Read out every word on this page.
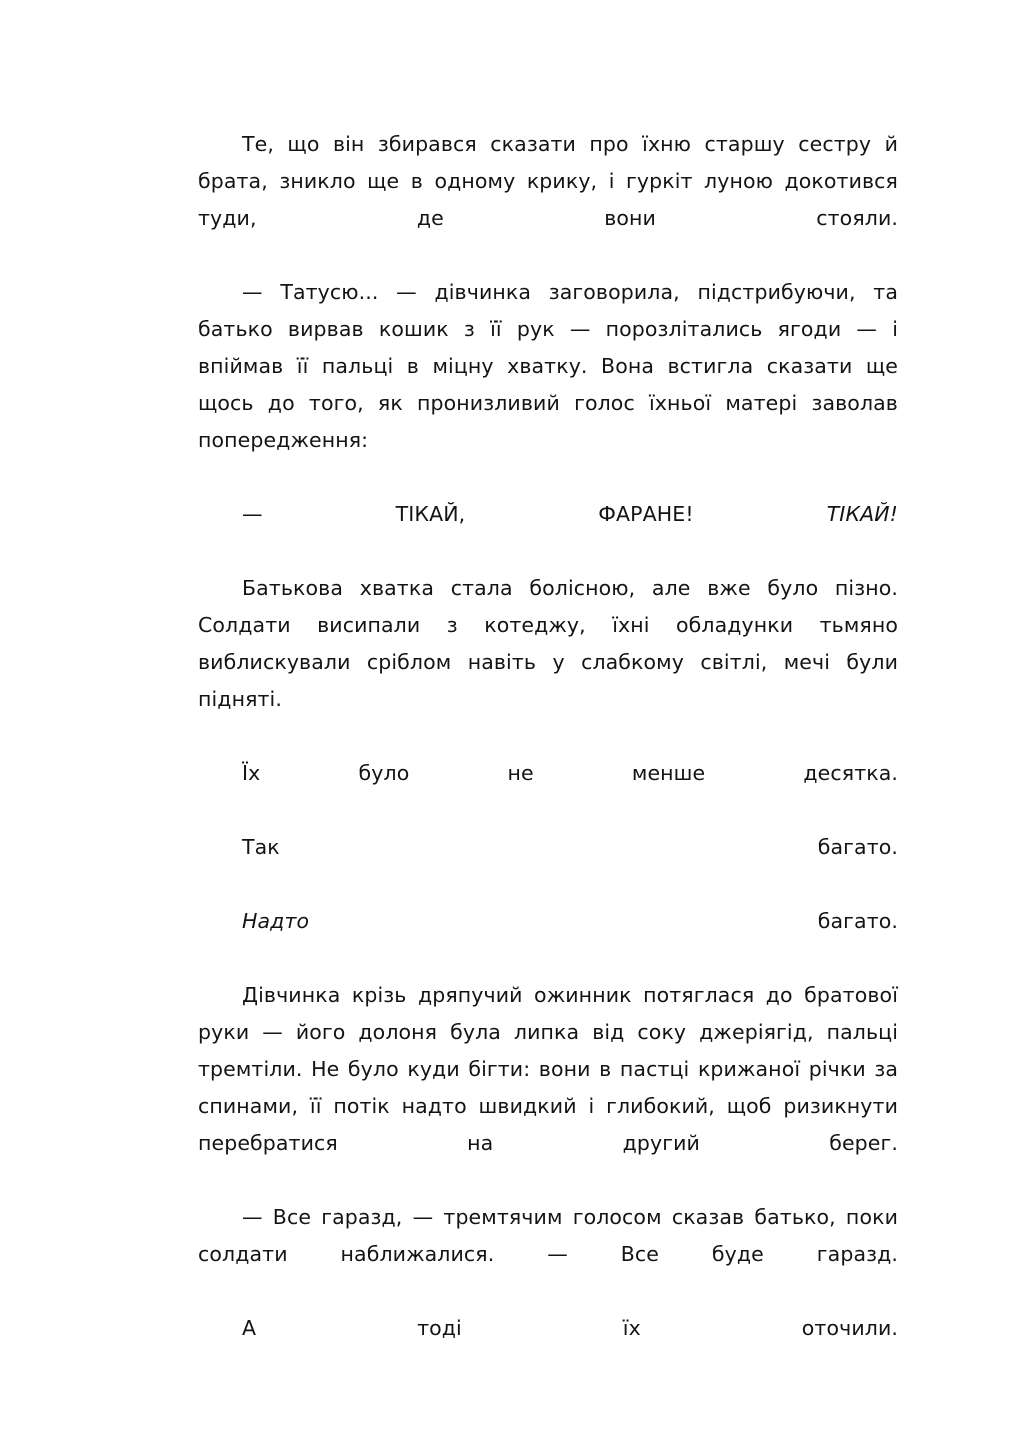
Те, що він збирався сказати про їхню старшу сестру й брата, зникло ще в одному крику, і гуркіт луною докотився туди, де вони стояли.

— Татусю... — дівчинка заговорила, підстрибуючи, та батько вирвав кошик з її рук — порозлітались ягоди — і впіймав її пальці в міцну хватку. Вона встигла сказати ще щось до того, як пронизливий голос їхньої матері заволав попередження:

— ТІКАЙ, ФАРАНЕ! ТІКАЙ!

Батькова хватка стала болісною, але вже було пізно. Солдати висипали з котеджу, їхні обладунки тьмяно виблискували сріблом навіть у слабкому світлі, мечі були підняті.

Їх було не менше десятка.

Так багато.

Надто багато.

Дівчинка крізь дряпучий ожинник потяглася до братової руки — його долоня була липка від соку джеріягід, пальці тремтіли. Не було куди бігти: вони в пастці крижаної річки за спинами, її потік надто швидкий і глибокий, щоб ризикнути перебратися на другий берег.

— Все гаразд, — тремтячим голосом сказав батько, поки солдати наближалися. — Все буде гаразд.

А тоді їх оточили.
